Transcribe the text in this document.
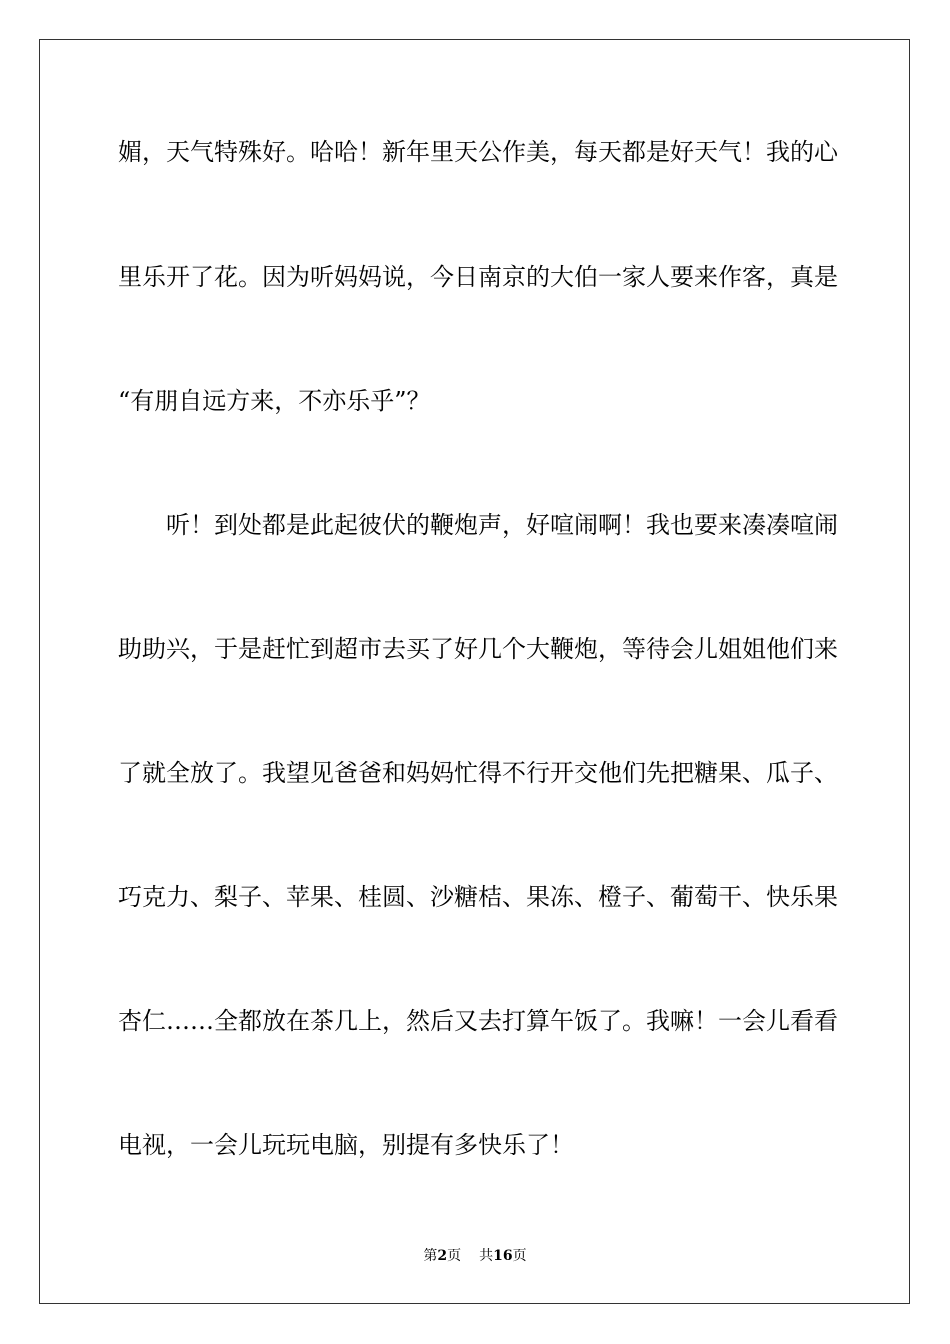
媚，天气特殊好。哈哈！新年里天公作美，每天都是好天气！我的心
里乐开了花。因为听妈妈说，今日南京的大伯一家人要来作客，真是
“有朋自远方来，不亦乐乎”？
　　听！到处都是此起彼伏的鞭炮声，好喧闹啊！我也要来凑凑喧闹
助助兴，于是赶忙到超市去买了好几个大鞭炮，等待会儿姐姐他们来
了就全放了。我望见爸爸和妈妈忙得不行开交他们先把糖果、瓜子、
巧克力、梨子、苹果、桂圆、沙糖桔、果冻、橙子、葡萄干、快乐果
杏仁……全都放在茶几上，然后又去打算午饭了。我嘛！一会儿看看
电视，一会儿玩玩电脑，别提有多快乐了！
第2页 共16页
